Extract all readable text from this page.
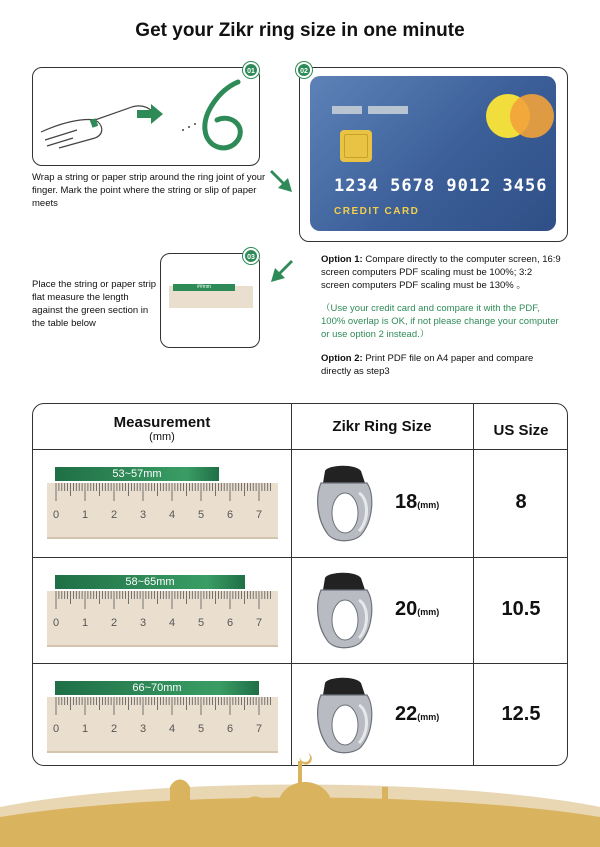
Get your Zikr ring size in one minute
01
Wrap a string or paper strip around the ring joint of your finger. Mark the point where the string or slip of paper meets
02
1234 5678 9012 3456
CREDIT CARD
Option 1: Compare directly to the computer screen, 16:9 screen computers PDF scaling must be 100%; 3:2 screen computers PDF scaling must be 130% 。
（Use your credit card and compare it with the PDF, 100% overlap is OK, if not please change your computer or use option 2 instead.）
Option 2: Print PDF file on A4 paper and compare directly as step3
Place the string or paper strip flat measure the length against the green section in the table below
03
##mm
Measurement
(mm)
Zikr Ring Size	US Size
0 1 2 3 4 5 6 7
53~57mm
18(mm)	8
0 1 2 3 4 5 6 7
58~65mm
20(mm)	10.5
0 1 2 3 4 5 6 7
66~70mm
22(mm)	12.5
